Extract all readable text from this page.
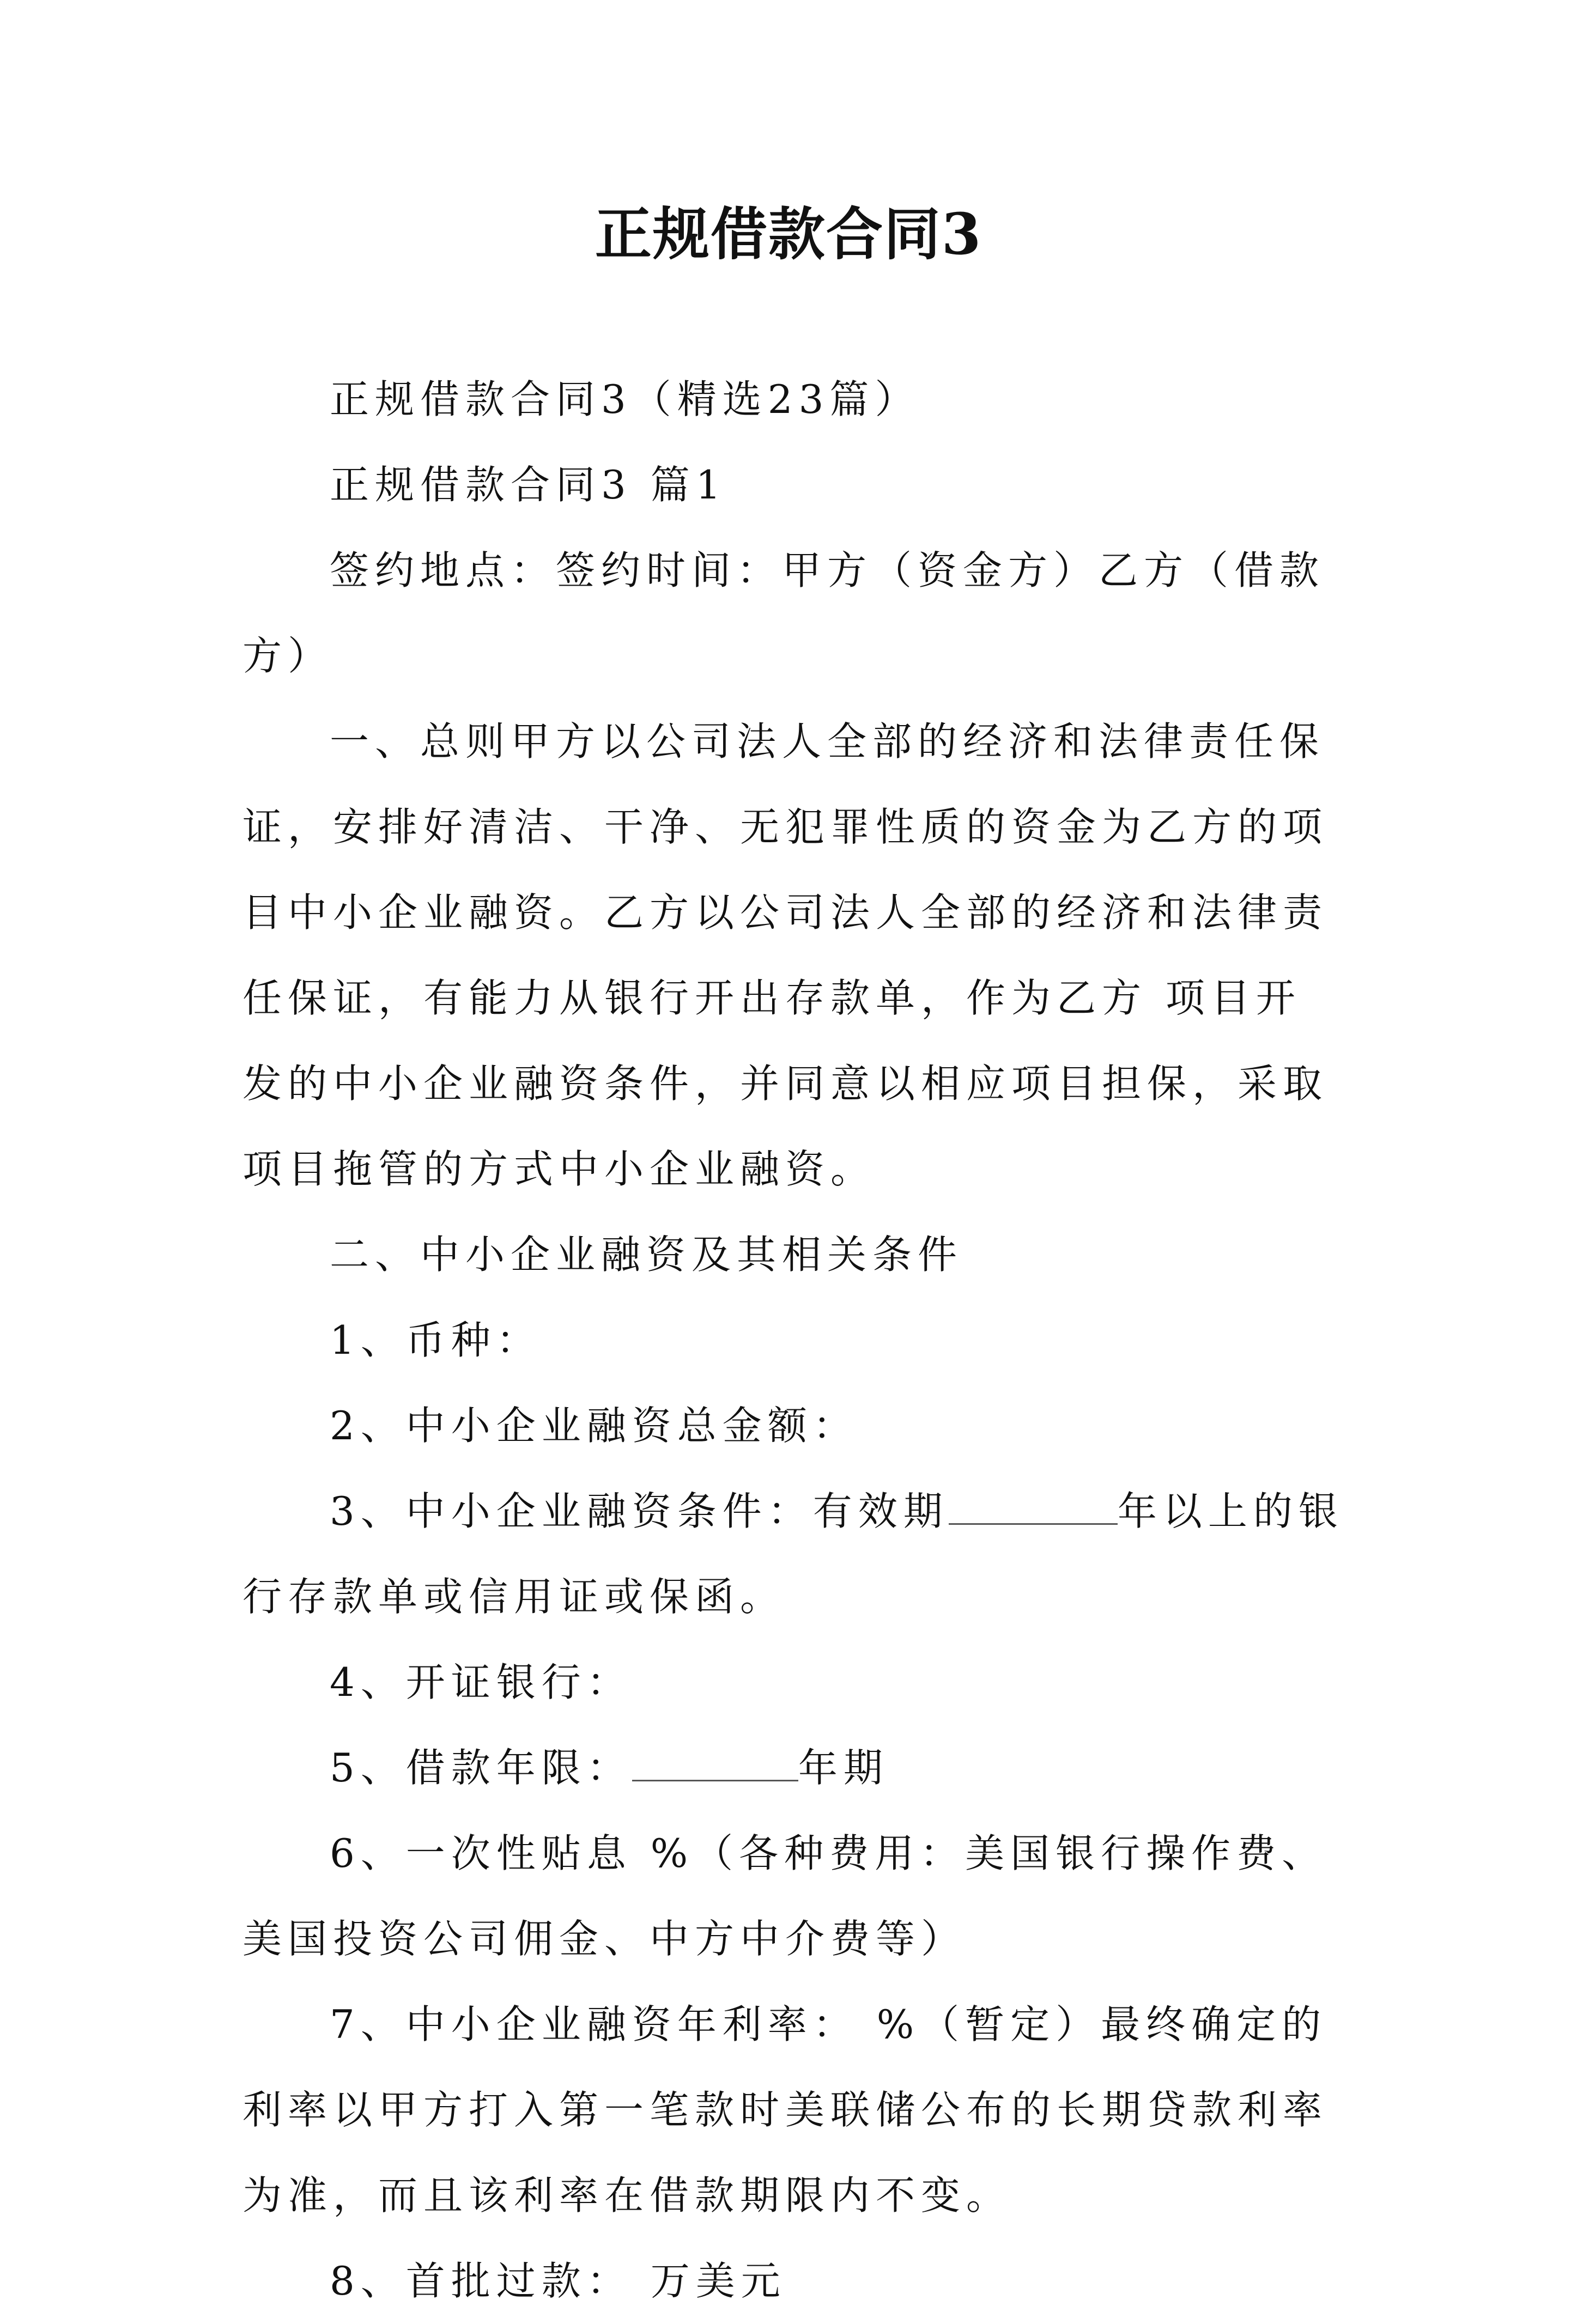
正规借款合同3

正规借款合同3（精选23篇）

正规借款合同3 篇1

签约地点：签约时间：甲方（资金方）乙方（借款方）

一、总则甲方以公司法人全部的经济和法律责任保证，安排好清洁、干净、无犯罪性质的资金为乙方的项目中小企业融资。乙方以公司法人全部的经济和法律责任保证，有能力从银行开出存款单，作为乙方 项目开发的中小企业融资条件，并同意以相应项目担保，采取项目拖管的方式中小企业融资。

二、中小企业融资及其相关条件

1、币种：

2、中小企业融资总金额：

3、中小企业融资条件：有效期	年以上的银行存款单或信用证或保函。

4、开证银行：

5、借款年限：	年期

6、一次性贴息 %（各种费用：美国银行操作费、美国投资公司佣金、中方中介费等）

7、中小企业融资年利率： %（暂定）最终确定的利率以甲方打入第一笔款时美联储公布的长期贷款利率为准，而且该利率在借款期限内不变。

8、首批过款： 万美元
